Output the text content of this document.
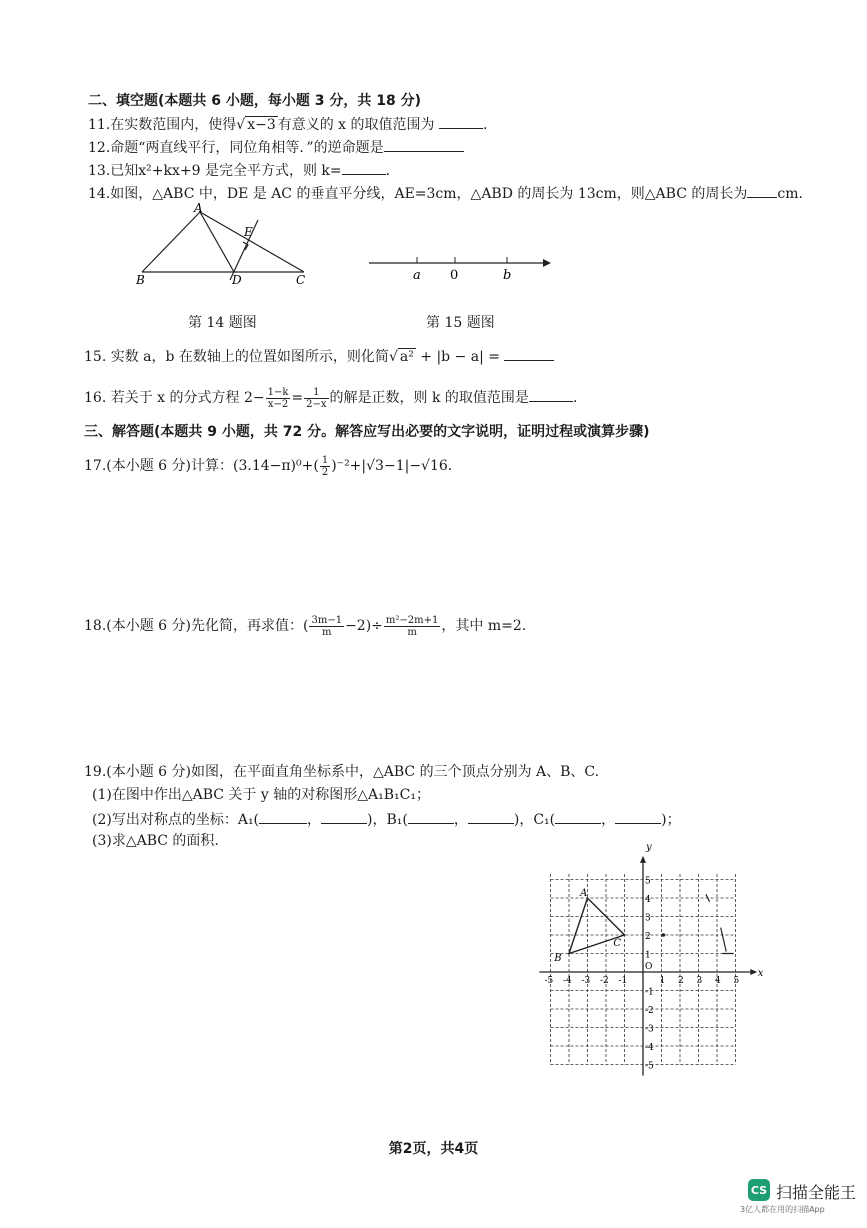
二、填空题(本题共 6 小题，每小题 3 分，共 18 分)
11.在实数范围内，使得√ x−3 有意义的 x 的取值范围为	.
12.命题“两直线平行，同位角相等．”的逆命题是
13.已知x²+kx+9 是完全平方式，则 k=	.
14.如图，△ABC 中，DE 是 AC 的垂直平分线，AE=3cm，△ABD 的周长为 13cm，则△ABC 的周长为 cm.
A
B	C
D
E
a 0	b
第 14 题图	第 15 题图
15. 实数 a，b 在数轴上的位置如图所示，则化简√ a² + |b − a| =
16. 若关于 x 的分式方程 $2- \frac{1-k}{x-2} = \frac{1}{2-x}$ 的解是正数，则 k 的取值范围是	.
三、解答题(本题共 9 小题，共 72 分。解答应写出必要的文字说明，证明过程或演算步骤)
17.(本小题 6 分)计算：$(3.14-\pi)^0+( \frac{1}{2} )^{-2}+|√3-1|-√16$.
18.(本小题 6 分)先化简，再求值：( $\frac{3m-1}{m} -2)\div \frac{\text{m²−2m+1}}{m}$ ，其中 m=2.
19.(本小题 6 分)如图，在平面直角坐标系中，△ABC 的三个顶点分别为 A、B、C.
(1)在图中作出△ABC 关于 y 轴的对称图形△A₁B₁C₁；
(2)写出对称点的坐标：A₁(	，	)，B₁(	，	)，C₁(	，	)；
(3)求△ABC 的面积.
-5 -4 -3 -2 -1
O
1 2 3 4 5
5
4
3
2
1
-1
-2
-3
-4
-5
x
y
A
B
C
第2页，共4页
CS 扫描全能王
3亿人都在用的扫描App
